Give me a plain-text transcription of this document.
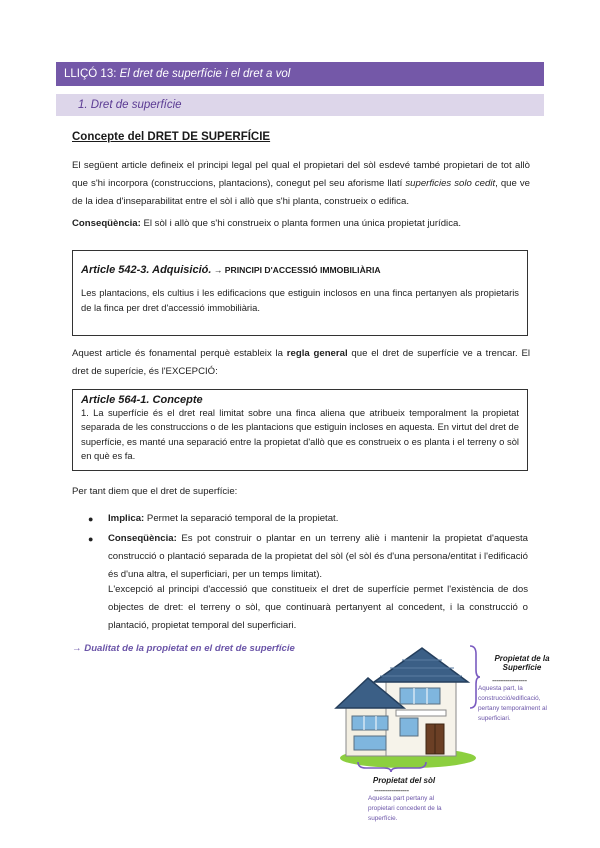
LLIÇÓ 13: El dret de superfície i el dret a vol
1. Dret de superfície
Concepte del DRET DE SUPERFÍCIE
El següent article defineix el principi legal pel qual el propietari del sòl esdevé també propietari de tot allò que s'hi incorpora (construccions, plantacions), conegut pel seu aforisme llatí superficies solo cedit, que ve de la idea d'inseparabilitat entre el sòl i allò que s'hi planta, construeix o edifica.
Conseqüència: El sòl i allò que s'hi construeix o planta formen una única propietat jurídica.
Article 542-3. Adquisició. → PRINCIPI D'ACCESSIÓ IMMOBILIÀRIA
Les plantacions, els cultius i les edificacions que estiguin inclosos en una finca pertanyen als propietaris de la finca per dret d'accessió immobiliària.
Aquest article és fonamental perquè estableix la regla general que el dret de superfície ve a trencar. El dret de superície, és l'EXCEPCIÓ:
Article 564-1. Concepte
1. La superfície és el dret real limitat sobre una finca aliena que atribueix temporalment la propietat separada de les construccions o de les plantacions que estiguin incloses en aquesta. En virtut del dret de superfície, es manté una separació entre la propietat d'allò que es construeix o es planta i el terreny o sòl en què es fa.
Per tant diem que el dret de superfície:
● Implica: Permet la separació temporal de la propietat.
● Conseqüència: Es pot construir o plantar en un terreny aliè i mantenir la propietat d'aquesta construcció o plantació separada de la propietat del sòl (el sòl és d'una persona/entitat i l'edificació és d'una altra, el superficiari, per un temps limitat).
L'excepció al principi d'accessió que constitueix el dret de superfície permet l'existència de dos objectes de dret: el terreny o sòl, que continuarà pertanyent al concedent, i la construcció o plantació, propietat temporal del superficiari.
→ Dualitat de la propietat en el dret de superfície
Propietat de la
Superfície
----------------
Aquesta part, la construcció/edificació, pertany temporalment al superficiari.
Propietat del sòl
----------------
Aquesta part pertany al propietari concedent de la superfície.
